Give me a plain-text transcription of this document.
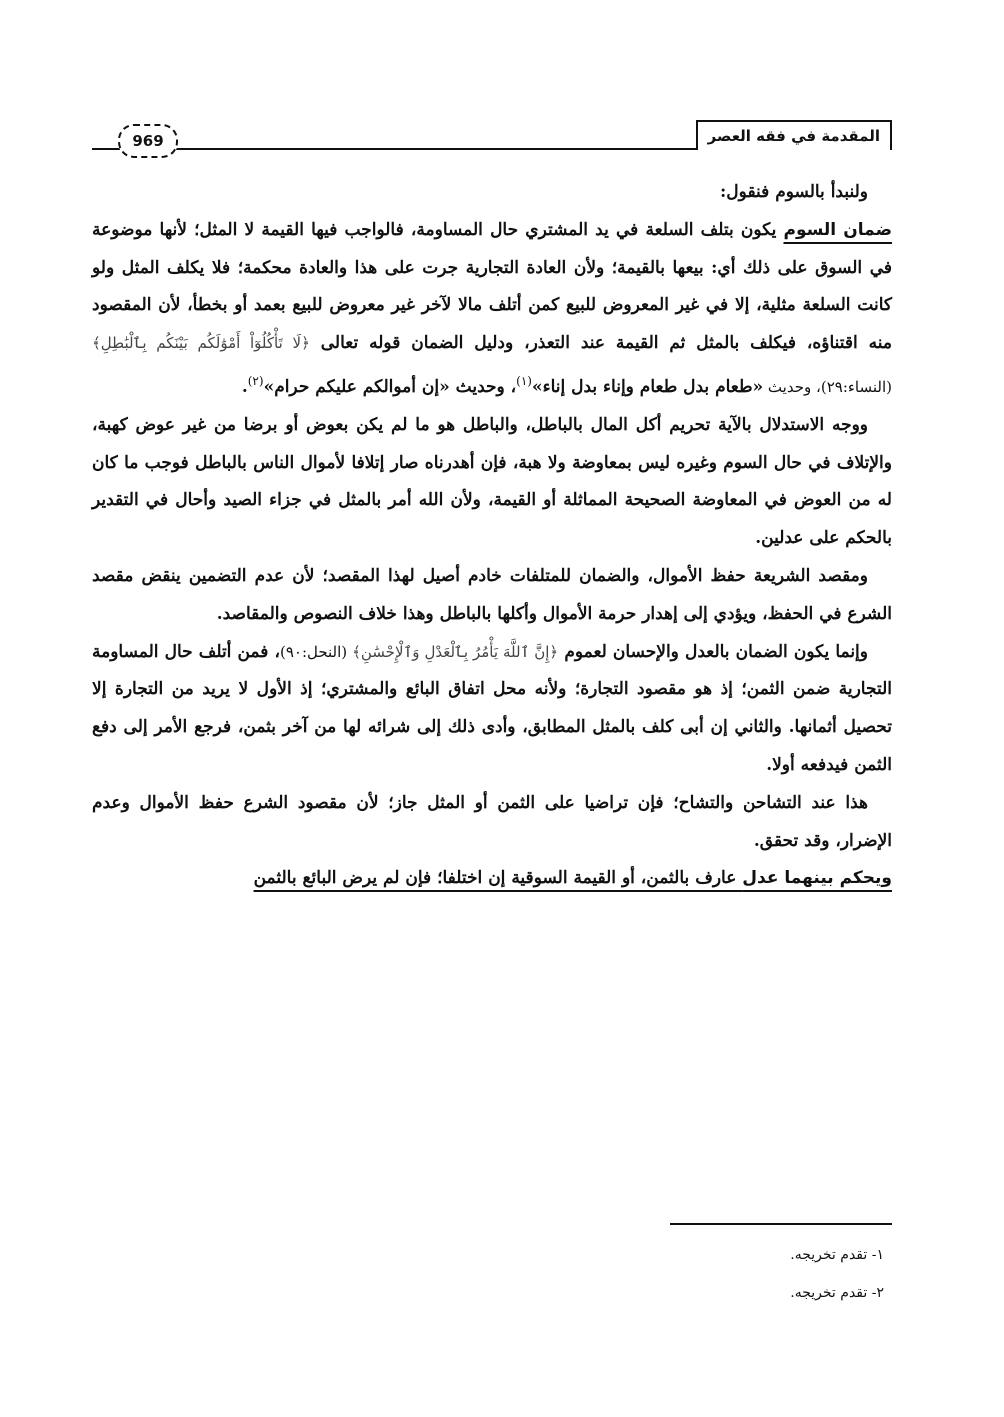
المقدمة في فقه العصر
969

ولنبدأ بالسوم فنقول:

ضمان السوم يكون بتلف السلعة في يد المشتري حال المساومة، فالواجب فيها القيمة لا المثل؛ لأنها موضوعة في السوق على ذلك أي: بيعها بالقيمة؛ ولأن العادة التجارية جرت على هذا والعادة محكمة؛ فلا يكلف المثل ولو كانت السلعة مثلية، إلا في غير المعروض للبيع كمن أتلف مالا لآخر غير معروض للبيع بعمد أو بخطأ، لأن المقصود منه اقتناؤه، فيكلف بالمثل ثم القيمة عند التعذر، ودليل الضمان قوله تعالى ﴿لَا تَأْكُلُوٓاْ أَمْوَٰلَكُم بَيْنَكُم بِٱلْبَٰطِلِ﴾ (النساء:٢٩)، وحديث «طعام بدل طعام وإناء بدل إناء»$^{(١)}$، وحديث «إن أموالكم عليكم حرام»$^{(٢)}$.

ووجه الاستدلال بالآية تحريم أكل المال بالباطل، والباطل هو ما لم يكن بعوض أو برضا من غير عوض كهبة، والإتلاف في حال السوم وغيره ليس بمعاوضة ولا هبة، فإن أهدرناه صار إتلافا لأموال الناس بالباطل فوجب ما كان له من العوض في المعاوضة الصحيحة المماثلة أو القيمة، ولأن الله أمر بالمثل في جزاء الصيد وأحال في التقدير بالحكم على عدلين.

ومقصد الشريعة حفظ الأموال، والضمان للمتلفات خادم أصيل لهذا المقصد؛ لأن عدم التضمين ينقض مقصد الشرع في الحفظ، ويؤدي إلى إهدار حرمة الأموال وأكلها بالباطل وهذا خلاف النصوص والمقاصد.

وإنما يكون الضمان بالعدل والإحسان لعموم ﴿إِنَّ ٱللَّهَ يَأْمُرُ بِٱلْعَدْلِ وَٱلْإِحْسَٰنِ﴾ (النحل:٩٠)، فمن أتلف حال المساومة التجارية ضمن الثمن؛ إذ هو مقصود التجارة؛ ولأنه محل اتفاق البائع والمشتري؛ إذ الأول لا يريد من التجارة إلا تحصيل أثمانها. والثاني إن أبى كلف بالمثل المطابق، وأدى ذلك إلى شرائه لها من آخر بثمن، فرجع الأمر إلى دفع الثمن فيدفعه أولا.

هذا عند التشاحن والتشاح؛ فإن تراضيا على الثمن أو المثل جاز؛ لأن مقصود الشرع حفظ الأموال وعدم الإضرار، وقد تحقق.

ويحكم بينهما عدل عارف بالثمن، أو القيمة السوقية إن اختلفا؛ فإن لم يرض البائع بالثمن

١- تقدم تخريجه.

٢- تقدم تخريجه.
